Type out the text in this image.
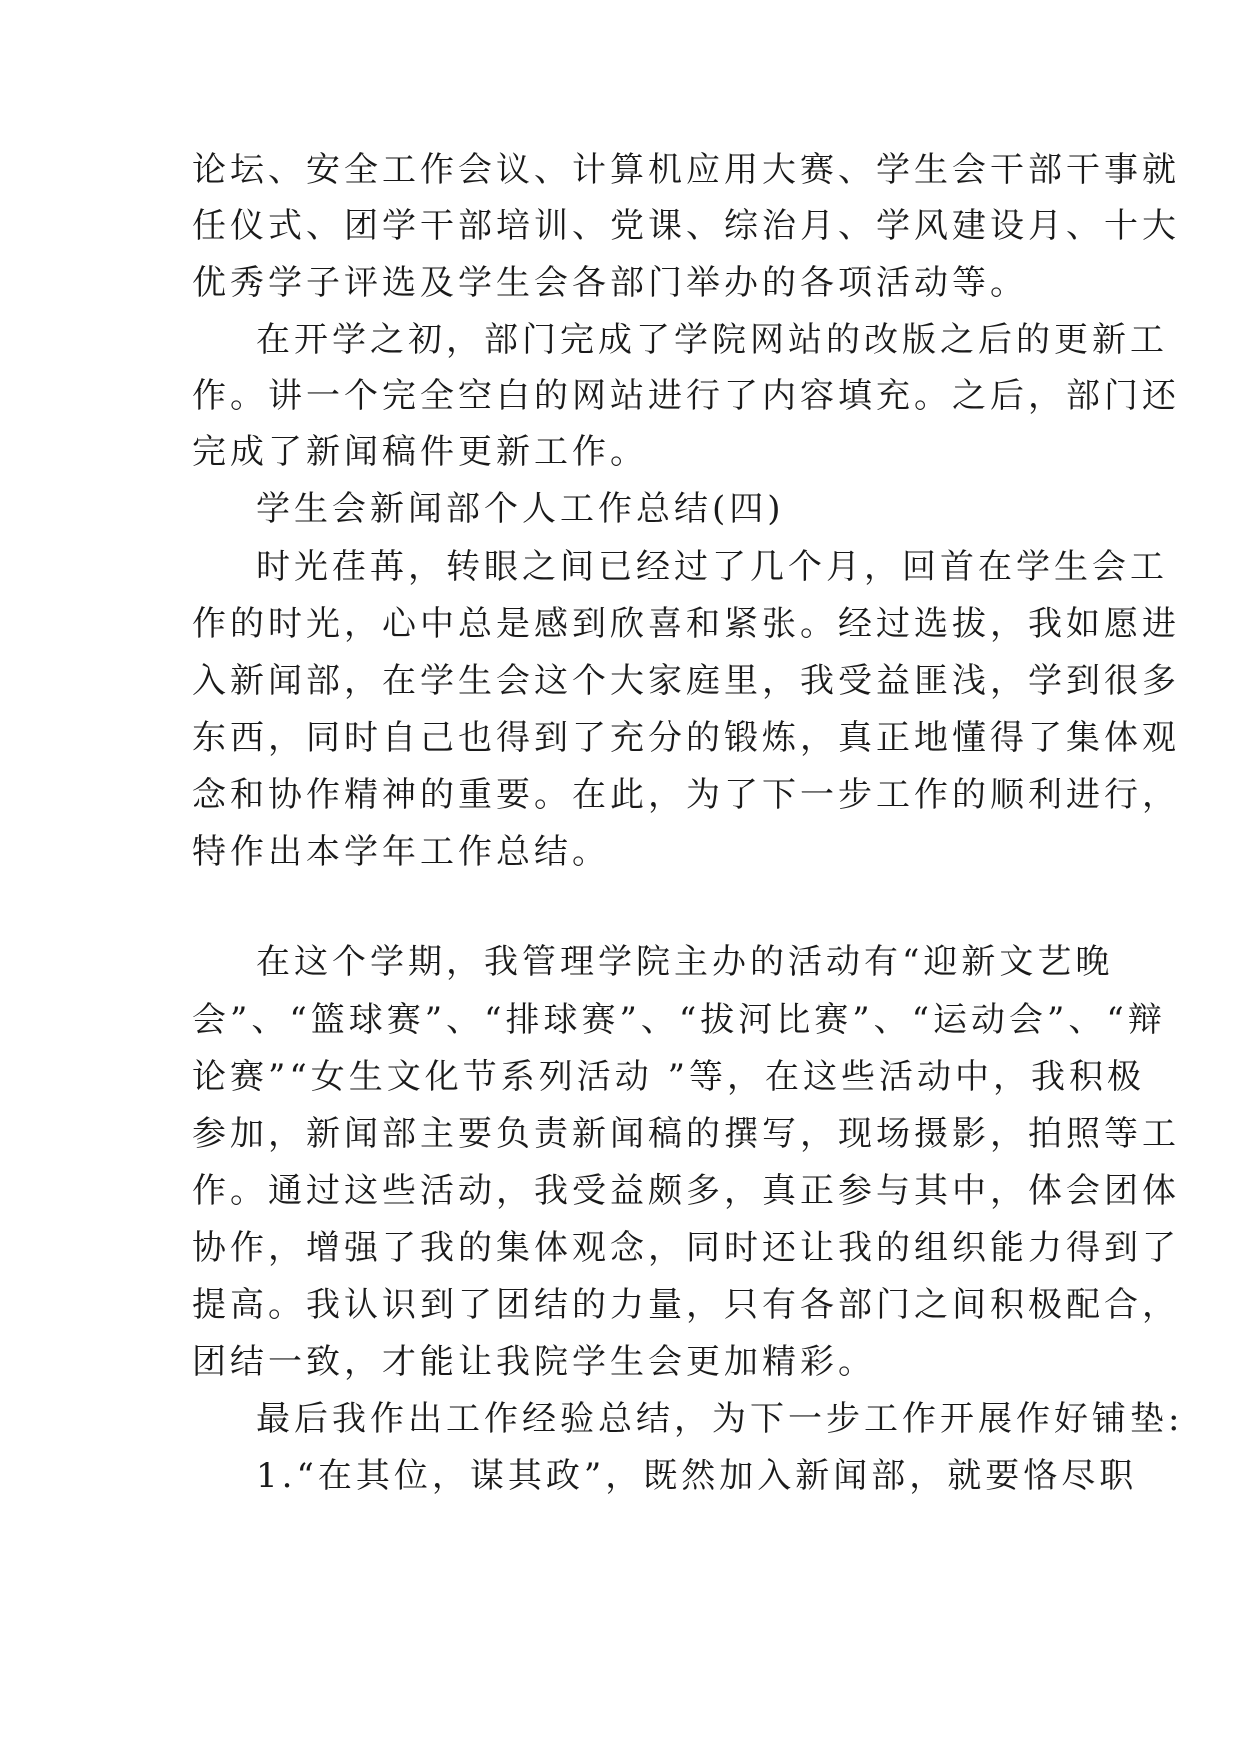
论坛、安全工作会议、计算机应用大赛、学生会干部干事就
任仪式、团学干部培训、党课、综治月、学风建设月、十大
优秀学子评选及学生会各部门举办的各项活动等。
在开学之初，部门完成了学院网站的改版之后的更新工
作。讲一个完全空白的网站进行了内容填充。之后，部门还
完成了新闻稿件更新工作。
学生会新闻部个人工作总结(四)
时光荏苒，转眼之间已经过了几个月，回首在学生会工
作的时光，心中总是感到欣喜和紧张。经过选拔，我如愿进
入新闻部，在学生会这个大家庭里，我受益匪浅，学到很多
东西，同时自己也得到了充分的锻炼，真正地懂得了集体观
念和协作精神的重要。在此，为了下一步工作的顺利进行，
特作出本学年工作总结。
在这个学期，我管理学院主办的活动有“迎新文艺晚
会”、“篮球赛”、“排球赛”、“拔河比赛”、“运动会”、“辩
论赛”“女生文化节系列活动 ”等，在这些活动中，我积极
参加，新闻部主要负责新闻稿的撰写，现场摄影，拍照等工
作。通过这些活动，我受益颇多，真正参与其中，体会团体
协作，增强了我的集体观念，同时还让我的组织能力得到了
提高。我认识到了团结的力量，只有各部门之间积极配合，
团结一致，才能让我院学生会更加精彩。
最后我作出工作经验总结，为下一步工作开展作好铺垫:
1.“在其位，谋其政”，既然加入新闻部，就要恪尽职
